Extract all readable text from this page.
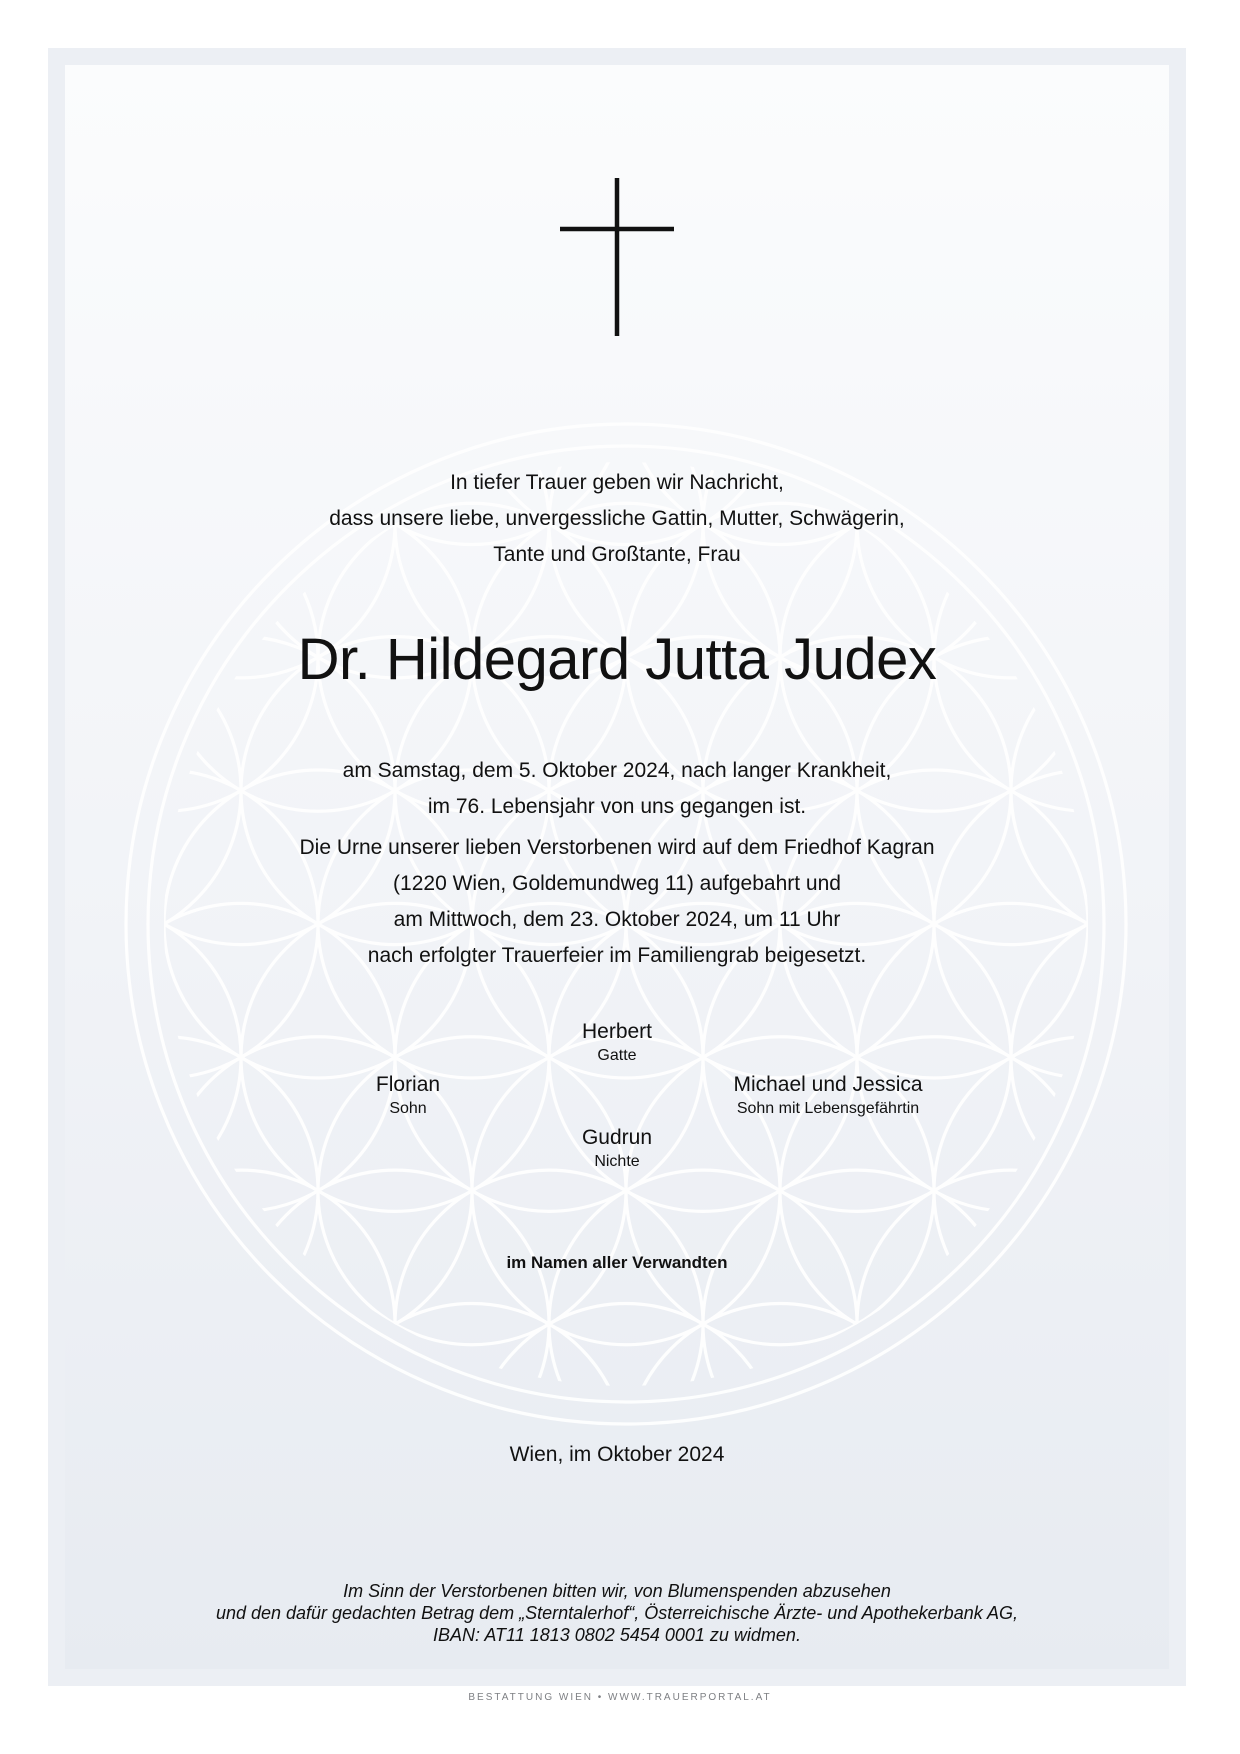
In tiefer Trauer geben wir Nachricht,
dass unsere liebe, unvergessliche Gattin, Mutter, Schwägerin,
Tante und Großtante, Frau
Dr. Hildegard Jutta Judex
am Samstag, dem 5. Oktober 2024, nach langer Krankheit,
im 76. Lebensjahr von uns gegangen ist.
Die Urne unserer lieben Verstorbenen wird auf dem Friedhof Kagran
(1220 Wien, Goldemundweg 11) aufgebahrt und
am Mittwoch, dem 23. Oktober 2024, um 11 Uhr
nach erfolgter Trauerfeier im Familiengrab beigesetzt.
Herbert
Gatte
Florian
Sohn
Michael und Jessica
Sohn mit Lebensgefährtin
Gudrun
Nichte
im Namen aller Verwandten
Wien, im Oktober 2024
Im Sinn der Verstorbenen bitten wir, von Blumenspenden abzusehen
und den dafür gedachten Betrag dem „Sterntalerhof“, Österreichische Ärzte- und Apothekerbank AG,
IBAN: AT11 1813 0802 5454 0001 zu widmen.
BESTATTUNG WIEN • WWW.TRAUERPORTAL.AT
